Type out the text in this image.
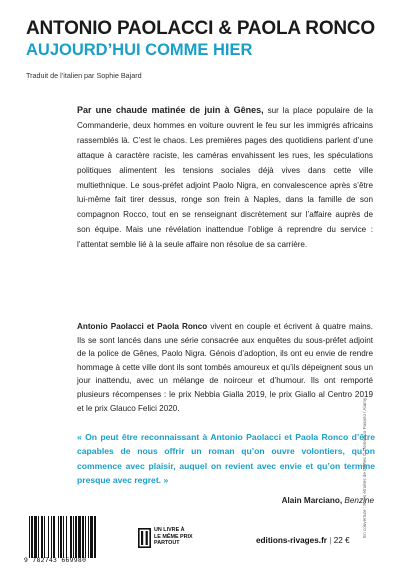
ANTONIO PAOLACCI & PAOLA RONCO
AUJOURD’HUI COMME HIER
Traduit de l’italien par Sophie Bajard

Par une chaude matinée de juin à Gênes, sur la place populaire de la Commanderie, deux hommes en voiture ouvrent le feu sur les immigrés africains rassemblés là. C’est le chaos. Les premières pages des quotidiens parlent d’une attaque à caractère raciste, les caméras envahissent les rues, les spéculations politiques alimentent les tensions sociales déjà vives dans cette ville multiethnique. Le sous-préfet adjoint Paolo Nigra, en convalescence après s’être lui-même fait tirer dessus, ronge son frein à Naples, dans la famille de son compagnon Rocco, tout en se renseignant discrètement sur l’affaire auprès de son équipe. Mais une révélation inattendue l’oblige à reprendre du service : l’attentat semble lié à la seule affaire non résolue de sa carrière.

Antonio Paolacci et Paola Ronco vivent en couple et écrivent à quatre mains. Ils se sont lancés dans une série consacrée aux enquêtes du sous-préfet adjoint de la police de Gênes, Paolo Nigra. Génois d’adoption, ils ont eu envie de rendre hommage à cette ville dont ils sont tombés amoureux et qu’ils dépeignent sous un jour inattendu, avec un mélange de noirceur et d’humour. Ils ont remporté plusieurs récompenses : le prix Nebbia Gialla 2019, le prix Giallo al Centro 2019 et le prix Glauco Felici 2020.

« On peut être reconnaissant à Antonio Paolacci et Paola Ronco d’être capables de nous offrir un roman qu’on ouvre volontiers, qu’on commence avec plaisir, auquel on revient avec envie et qu’on termine presque avec regret. »

Alain Marciano, Benzine
En couverture : Rues étroites de Gênes © Domenico Fasano / Alamy
9 782743 669980
UN LIVRE À
LE MÊME PRIX
PARTOUT	editions-rivages.fr | 22 €
